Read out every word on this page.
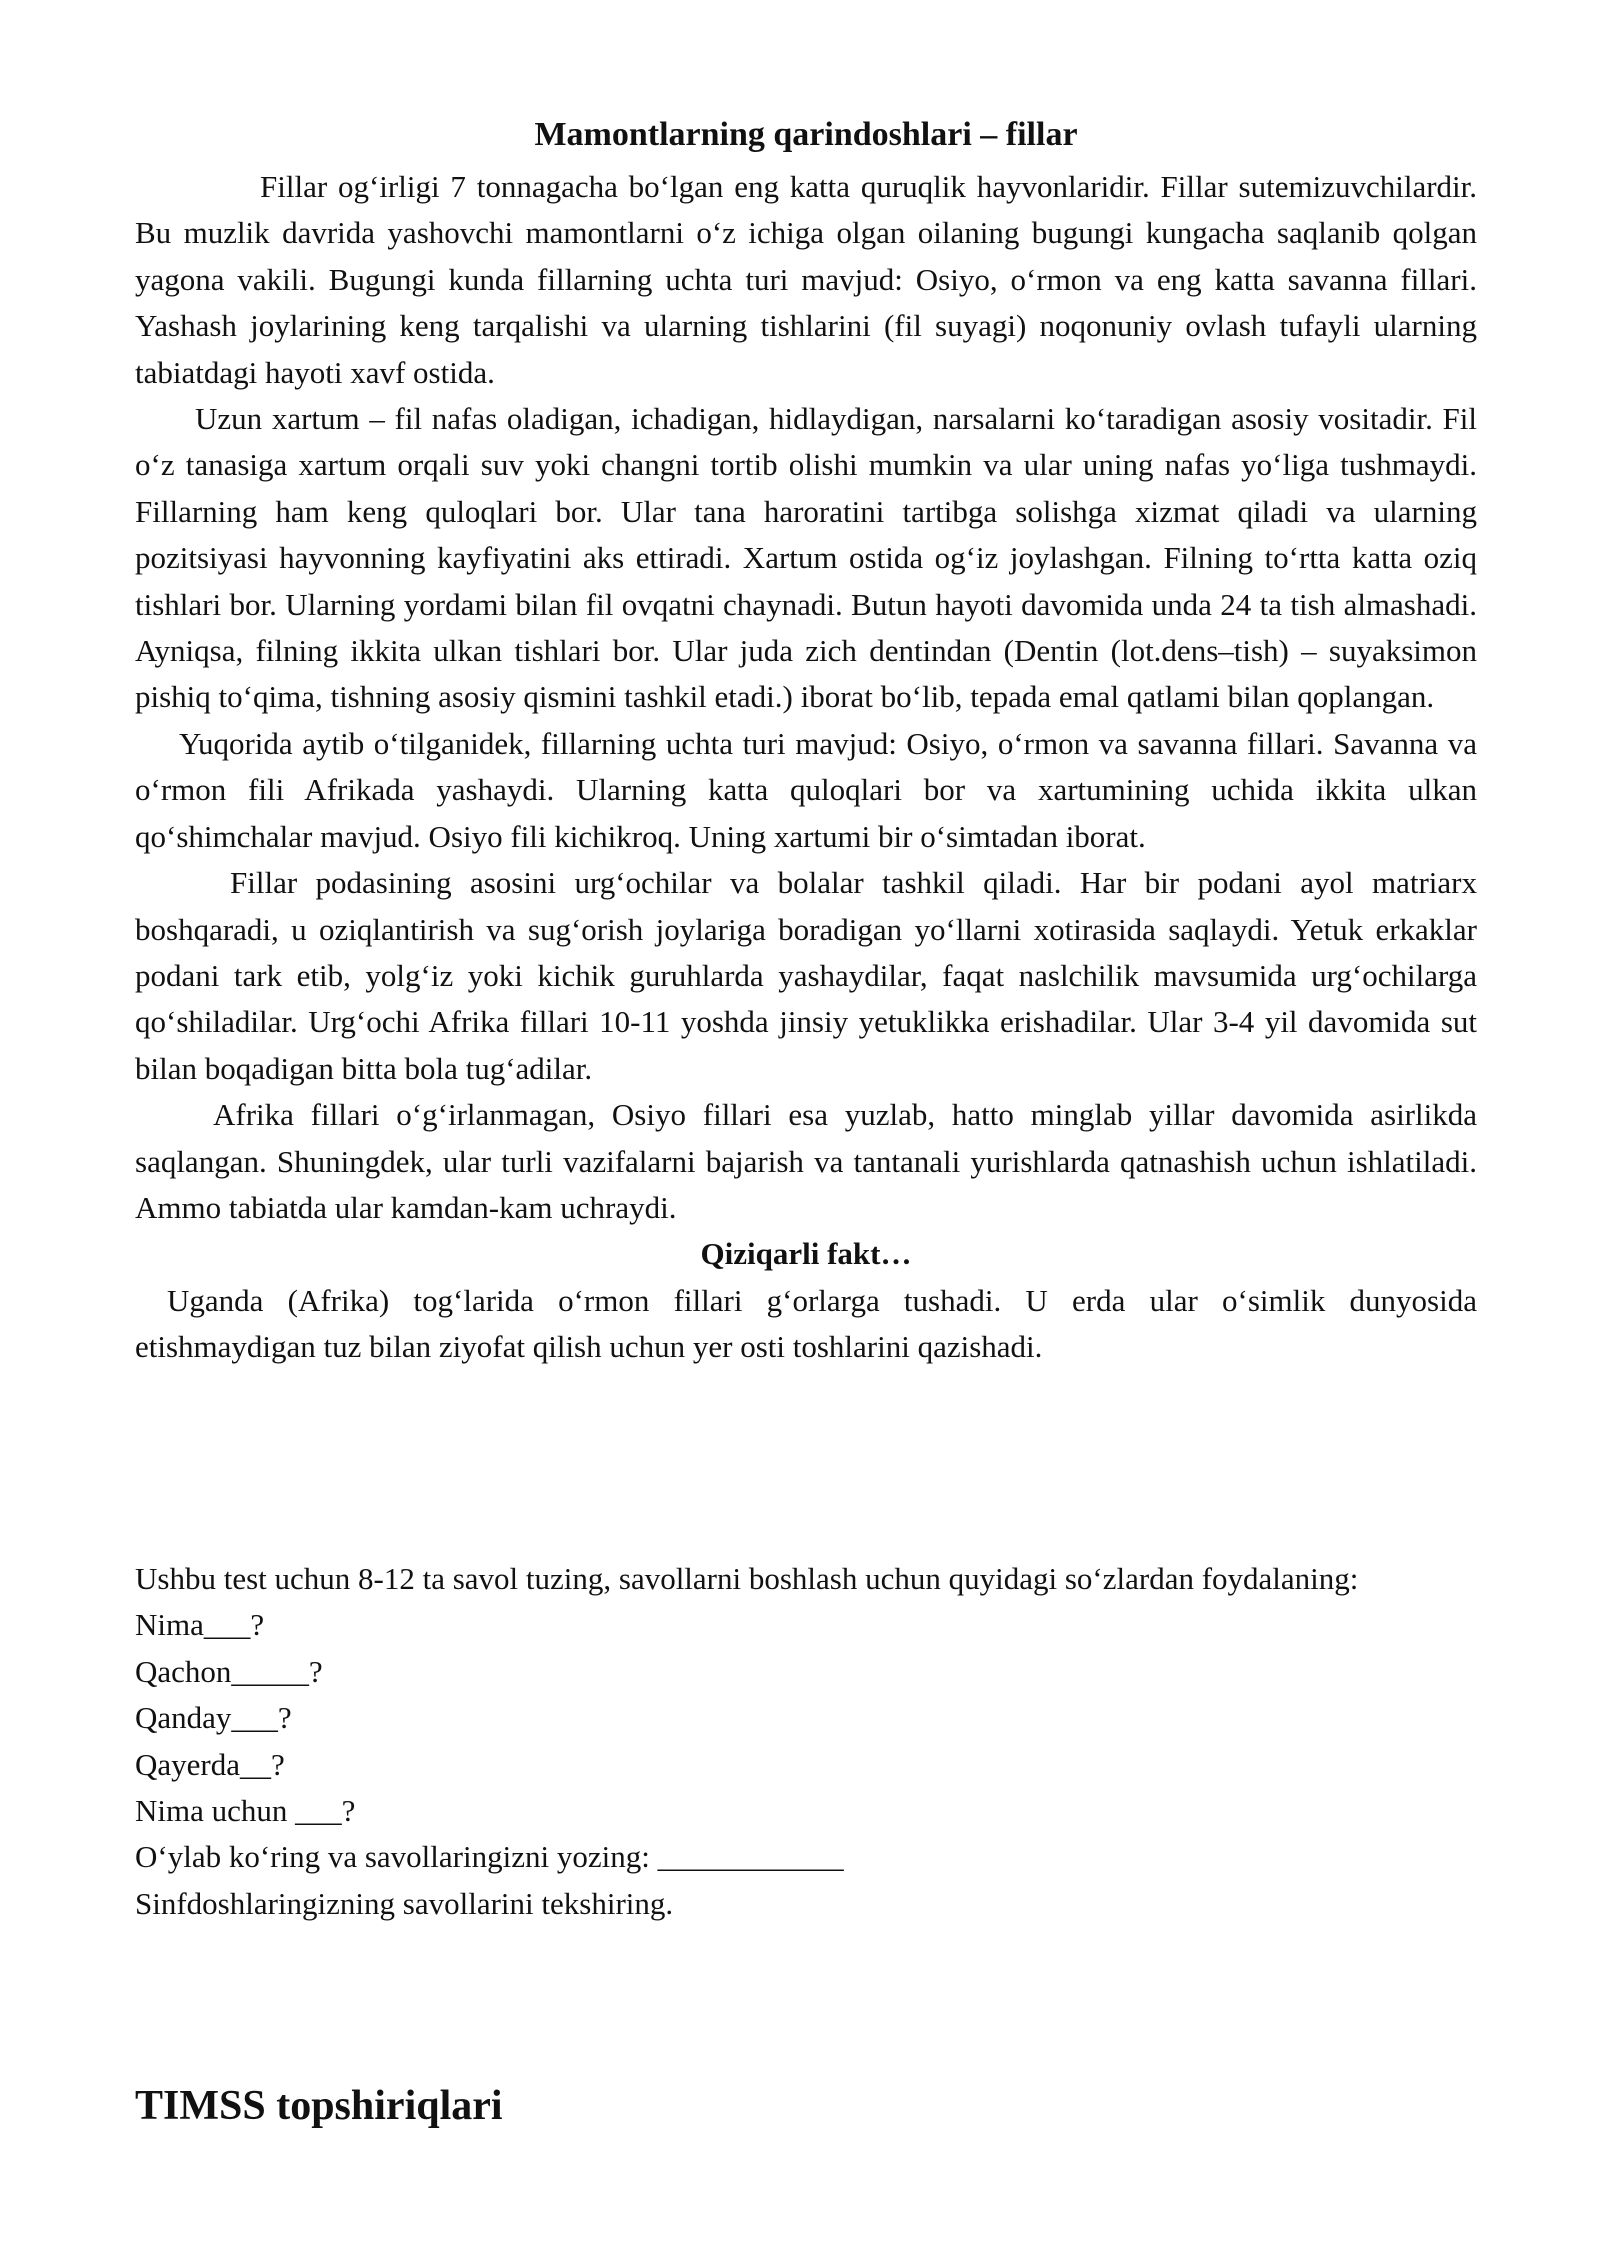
Mamontlarning qarindoshlari – fillar

Fillar og‘irligi 7 tonnagacha bo‘lgan eng katta quruqlik hayvonlaridir. Fillar sutemizuvchilardir. Bu muzlik davrida yashovchi mamontlarni o‘z ichiga olgan oilaning bugungi kungacha saqlanib qolgan yagona vakili. Bugungi kunda fillarning uchta turi mavjud: Osiyo, o‘rmon va eng katta savanna fillari. Yashash joylarining keng tarqalishi va ularning tishlarini (fil suyagi) noqonuniy ovlash tufayli ularning tabiatdagi hayoti xavf ostida.

Uzun xartum – fil nafas oladigan, ichadigan, hidlaydigan, narsalarni ko‘taradigan asosiy vositadir. Fil o‘z tanasiga xartum orqali suv yoki changni tortib olishi mumkin va ular uning nafas yo‘liga tushmaydi. Fillarning ham keng quloqlari bor. Ular tana haroratini tartibga solishga xizmat qiladi va ularning pozitsiyasi hayvonning kayfiyatini aks ettiradi. Xartum ostida og‘iz joylashgan. Filning to‘rtta katta oziq tishlari bor. Ularning yordami bilan fil ovqatni chaynadi. Butun hayoti davomida unda 24 ta tish almashadi. Ayniqsa, filning ikkita ulkan tishlari bor. Ular juda zich dentindan (Dentin (lot.dens–tish) – suyaksimon pishiq to‘qima, tishning asosiy qismini tashkil etadi.) iborat bo‘lib, tepada emal qatlami bilan qoplangan.

Yuqorida aytib o‘tilganidek, fillarning uchta turi mavjud: Osiyo, o‘rmon va savanna fillari. Savanna va o‘rmon fili Afrikada yashaydi. Ularning katta quloqlari bor va xartumining uchida ikkita ulkan qo‘shimchalar mavjud. Osiyo fili kichikroq. Uning xartumi bir o‘simtadan iborat.

Fillar podasining asosini urg‘ochilar va bolalar tashkil qiladi. Har bir podani ayol matriarx boshqaradi, u oziqlantirish va sug‘orish joylariga boradigan yo‘llarni xotirasida saqlaydi. Yetuk erkaklar podani tark etib, yolg‘iz yoki kichik guruhlarda yashaydilar, faqat naslchilik mavsumida urg‘ochilarga qo‘shiladilar. Urg‘ochi Afrika fillari 10-11 yoshda jinsiy yetuklikka erishadilar. Ular 3-4 yil davomida sut bilan boqadigan bitta bola tug‘adilar.

Afrika fillari o‘g‘irlanmagan, Osiyo fillari esa yuzlab, hatto minglab yillar davomida asirlikda saqlangan. Shuningdek, ular turli vazifalarni bajarish va tantanali yurishlarda qatnashish uchun ishlatiladi. Ammo tabiatda ular kamdan-kam uchraydi.

Qiziqarli fakt…

Uganda (Afrika) tog‘larida o‘rmon fillari g‘orlarga tushadi. U erda ular o‘simlik dunyosida etishmaydigan tuz bilan ziyofat qilish uchun yer osti toshlarini qazishadi.

Ushbu test uchun 8-12 ta savol tuzing, savollarni boshlash uchun quyidagi so‘zlardan foydalaning:

Nima___?
Qachon_____?
Qanday___?
Qayerda__?
Nima uchun ___?
O‘ylab ko‘ring va savollaringizni yozing: ____________
Sinfdoshlaringizning savollarini tekshiring.
TIMSS topshiriqlari
